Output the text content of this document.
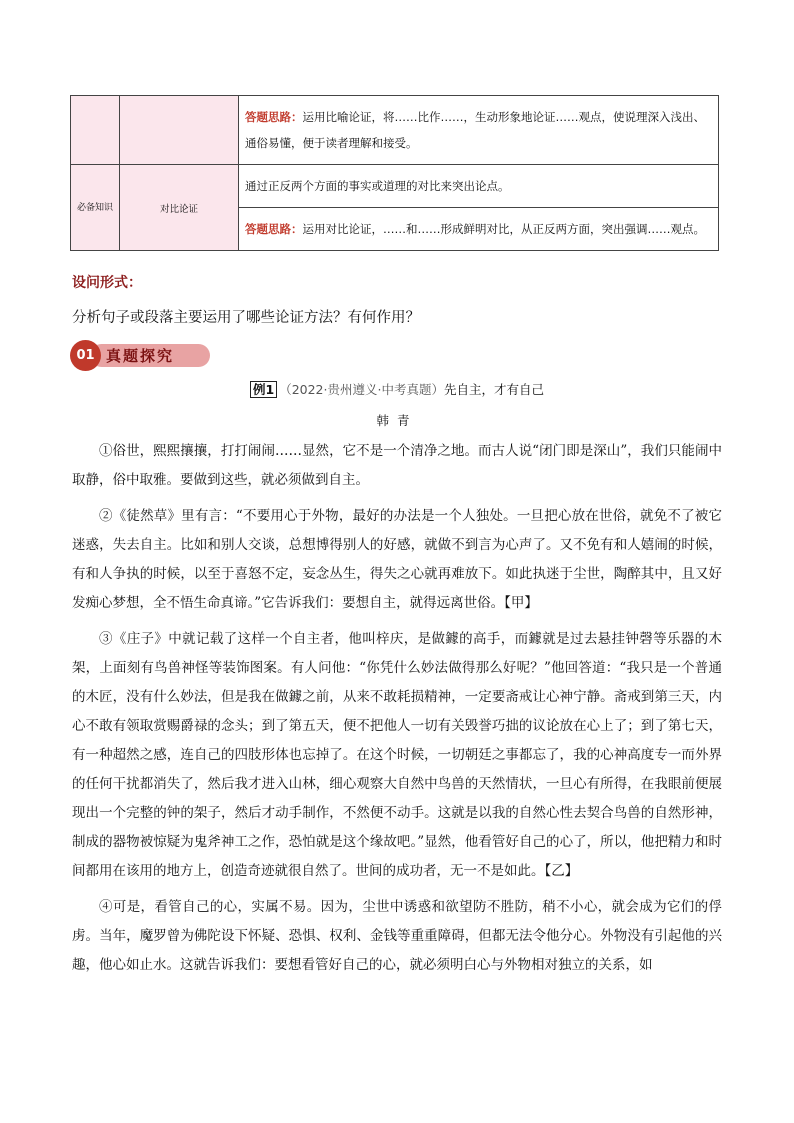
		答题思路：运用比喻论证，将……比作……，生动形象地论证……观点，使说理深入浅出、通俗易懂，便于读者理解和接受。
必备知识	对比论证	通过正反两个方面的事实或道理的对比来突出论点。
		答题思路：运用对比论证，……和……形成鲜明对比，从正反两方面，突出强调……观点。
设问形式：
分析句子或段落主要运用了哪些论证方法？有何作用？
01 真题探究
例1 （2022·贵州遵义·中考真题）先自主，才有自己
韩青

①俗世，熙熙攘攘，打打闹闹……显然，它不是一个清净之地。而古人说“闭门即是深山”，我们只能闹中取静，俗中取雅。要做到这些，就必须做到自主。

②《徒然草》里有言：“不要用心于外物，最好的办法是一个人独处。一旦把心放在世俗，就免不了被它迷惑，失去自主。比如和别人交谈，总想博得别人的好感，就做不到言为心声了。又不免有和人嬉闹的时候，有和人争执的时候，以至于喜怒不定，妄念丛生，得失之心就再难放下。如此执迷于尘世，陶醉其中，且又好发痴心梦想，全不悟生命真谛。”它告诉我们：要想自主，就得远离世俗。【甲】

③《庄子》中就记载了这样一个自主者，他叫梓庆，是做鐻的高手，而鐻就是过去悬挂钟磬等乐器的木架，上面刻有鸟兽神怪等装饰图案。有人问他：“你凭什么妙法做得那么好呢？”他回答道：“我只是一个普通的木匠，没有什么妙法，但是我在做鐻之前，从来不敢耗损精神，一定要斋戒让心神宁静。斋戒到第三天，内心不敢有领取赏赐爵禄的念头；到了第五天，便不把他人一切有关毁誉巧拙的议论放在心上了；到了第七天，有一种超然之感，连自己的四肢形体也忘掉了。在这个时候，一切朝廷之事都忘了，我的心神高度专一而外界的任何干扰都消失了，然后我才进入山林，细心观察大自然中鸟兽的天然情状，一旦心有所得，在我眼前便展现出一个完整的钟的架子，然后才动手制作，不然便不动手。这就是以我的自然心性去契合鸟兽的自然形神，制成的器物被惊疑为鬼斧神工之作，恐怕就是这个缘故吧。”显然，他看管好自己的心了，所以，他把精力和时间都用在该用的地方上，创造奇迹就很自然了。世间的成功者，无一不是如此。【乙】

④可是，看管自己的心，实属不易。因为，尘世中诱惑和欲望防不胜防，稍不小心，就会成为它们的俘虏。当年，魔罗曾为佛陀设下怀疑、恐惧、权利、金钱等重重障碍，但都无法令他分心。外物没有引起他的兴趣，他心如止水。这就告诉我们：要想看管好自己的心，就必须明白心与外物相对独立的关系，如
